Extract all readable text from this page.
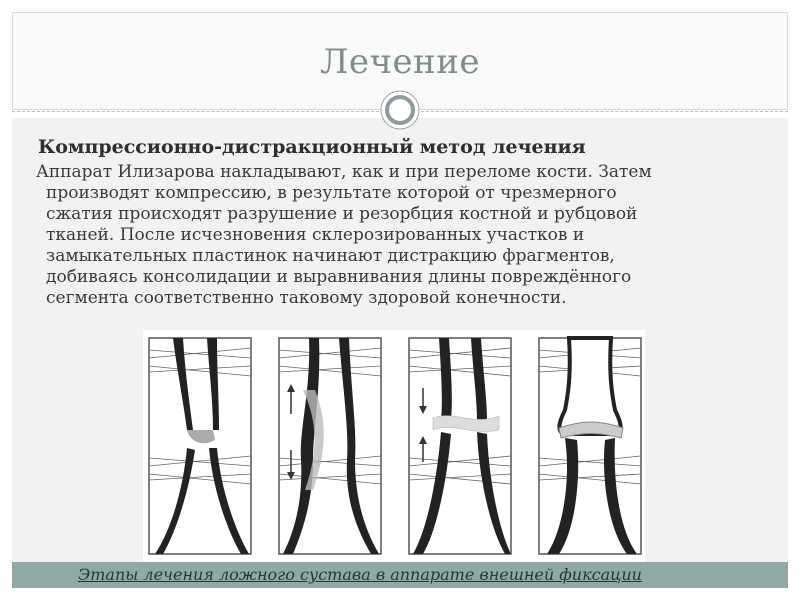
Лечение
Компрессионно-дистракционный метод лечения
Аппарат Илизарова накладывают, как и при переломе кости. Затем
производят компрессию, в результате которой от чрезмерного
сжатия происходят разрушение и резорбция костной и рубцовой
тканей. После исчезновения склерозированных участков и
замыкательных пластинок начинают дистракцию фрагментов,
добиваясь консолидации и выравнивания длины повреждённого
сегмента соответственно таковому здоровой конечности.
Этапы лечения ложного сустава в аппарате внешней фиксации
